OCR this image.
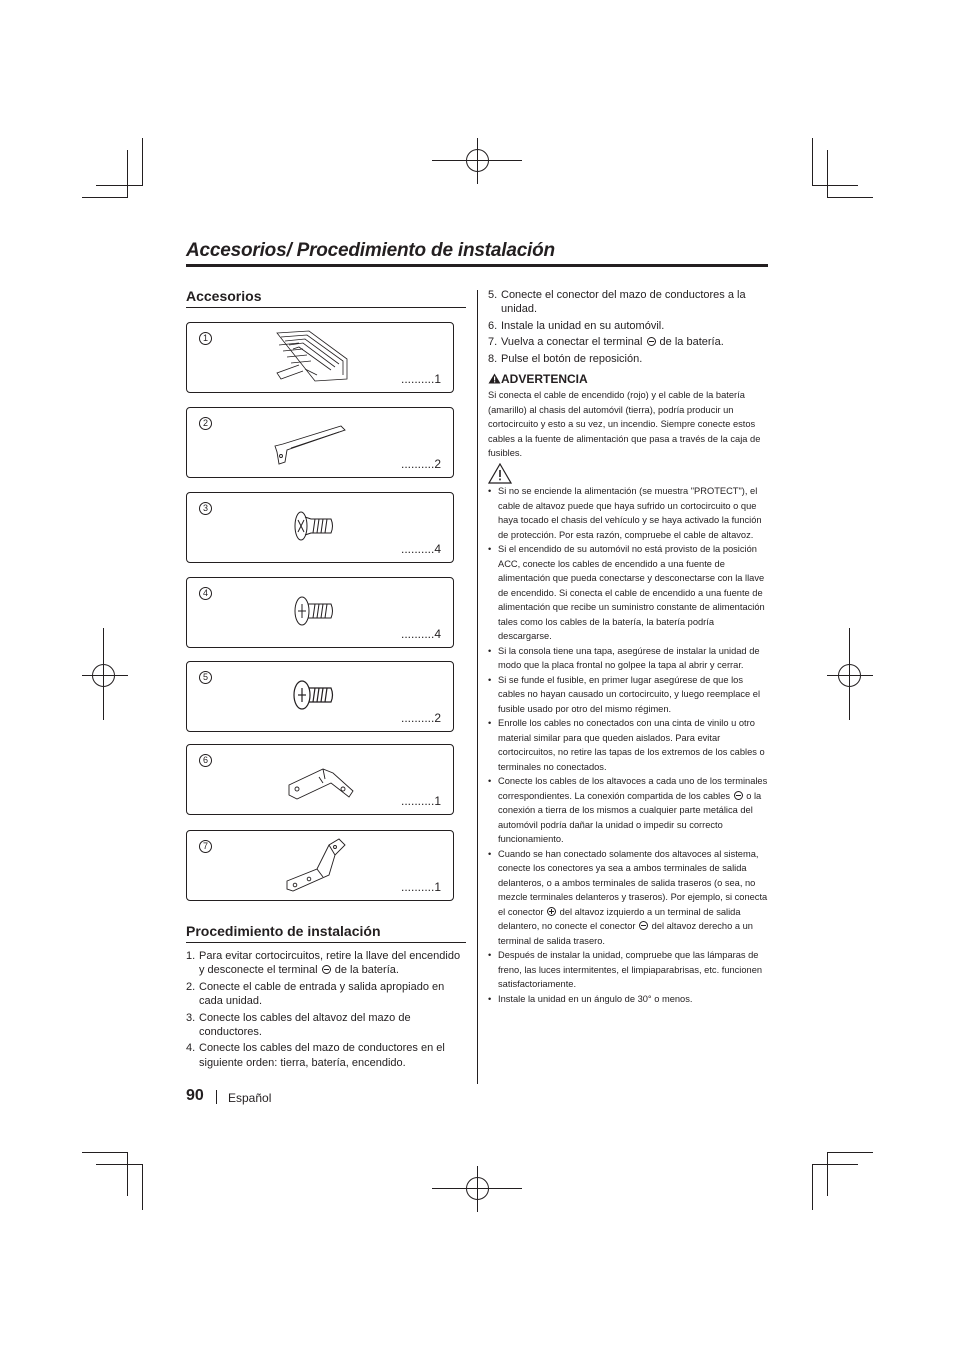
Accesorios/ Procedimiento de instalación
Accesorios
1
..........1
2
..........2
3
..........4
4
..........4
5
..........2
6
..........1
7
..........1
Procedimiento de instalación
1. Para evitar cortocircuitos, retire la llave del encendido y desconecte el terminal  de la batería.
2. Conecte el cable de entrada y salida apropiado en cada unidad.
3. Conecte los cables del altavoz del mazo de conductores.
4. Conecte los cables del mazo de conductores en el siguiente orden: tierra, batería, encendido.
5. Conecte el conector del mazo de conductores a la unidad.
6. Instale la unidad en su automóvil.
7. Vuelva a conectar el terminal  de la batería.
8. Pulse el botón de reposición.
ADVERTENCIA
Si conecta el cable de encendido (rojo) y el cable de la batería (amarillo) al chasis del automóvil (tierra), podría producir un cortocircuito y esto a su vez, un incendio. Siempre conecte estos cables a la fuente de alimentación que pasa a través de la caja de fusibles.
• Si no se enciende la alimentación (se muestra "PROTECT"), el cable de altavoz puede que haya sufrido un cortocircuito o que haya tocado el chasis del vehículo y se haya activado la función de protección. Por esta razón, compruebe el cable de altavoz.
• Si el encendido de su automóvil no está provisto de la posición ACC, conecte los cables de encendido a una fuente de alimentación que pueda conectarse y desconectarse con la llave de encendido. Si conecta el cable de encendido a una fuente de alimentación que recibe un suministro constante de alimentación tales como los cables de la batería, la batería podría descargarse.
• Si la consola tiene una tapa, asegúrese de instalar la unidad de modo que la placa frontal no golpee la tapa al abrir y cerrar.
• Si se funde el fusible, en primer lugar asegúrese de que los cables no hayan causado un cortocircuito, y luego reemplace el fusible usado por otro del mismo régimen.
• Enrolle los cables no conectados con una cinta de vinilo u otro material similar para que queden aislados. Para evitar cortocircuitos, no retire las tapas de los extremos de los cables o terminales no conectados.
• Conecte los cables de los altavoces a cada uno de los terminales correspondientes. La conexión compartida de los cables  o la conexión a tierra de los mismos a cualquier parte metálica del automóvil podría dañar la unidad o impedir su correcto funcionamiento.
• Cuando se han conectado solamente dos altavoces al sistema, conecte los conectores ya sea a ambos terminales de salida delanteros, o a ambos terminales de salida traseros (o sea, no mezcle terminales delanteros y traseros). Por ejemplo, si conecta el conector  del altavoz izquierdo a un terminal de salida delantero, no conecte el conector  del altavoz derecho a un terminal de salida trasero.
• Después de instalar la unidad, compruebe que las lámparas de freno, las luces intermitentes, el limpiaparabrisas, etc. funcionen satisfactoriamente.
• Instale la unidad en un ángulo de 30° o menos.
90 Español
